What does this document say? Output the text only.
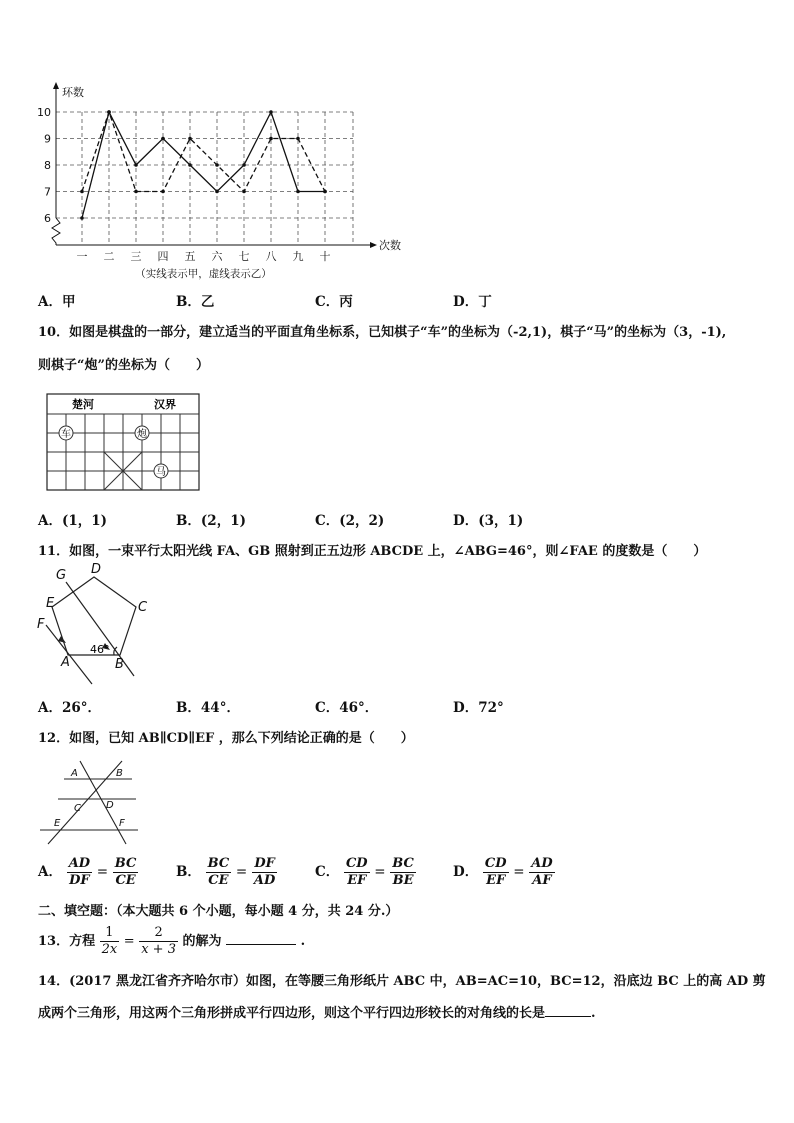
6
7
8
9
10
一 二 三 四 五 六 七 八 九 十
环数
次数
（实线表示甲，虚线表示乙）
A．甲	B．乙	C．丙	D．丁
10．如图是棋盘的一部分，建立适当的平面直角坐标系，已知棋子“车”的坐标为（-2,1)，棋子“马”的坐标为（3，-1),
则棋子“炮”的坐标为（　　）
楚河	汉界
车	炮
马
A．(1，1)	B．(2，1)	C．(2，2)	D．(3，1)
11．如图，一束平行太阳光线 FA、GB 照射到正五边形 ABCDE 上，∠ABG=46°，则∠FAE 的度数是（　　）
G D
E	C
F
A	B
46°
A．26°．	B．44°．	C．46°．	D．72°
12．如图，已知 AB∥CD∥EF ，那么下列结论正确的是（　　）
A	B
C	D
E	F
A． $\frac{AD}{DF} = \frac{BC}{CE}$	B． $\frac{BC}{CE} = \frac{DF}{AD}$	C． $\frac{CD}{EF} = \frac{BC}{BE}$	D． $\frac{CD}{EF} = \frac{AD}{AF}$
二、填空题：（本大题共 6 个小题，每小题 4 分，共 24 分.）
13．方程 $\frac{1}{2x} = \frac{2}{x + 3}$ 的解为	.
14．(2017 黑龙江省齐齐哈尔市）如图，在等腰三角形纸片 ABC 中，AB=AC=10，BC=12，沿底边 BC 上的高 AD 剪
成两个三角形，用这两个三角形拼成平行四边形，则这个平行四边形较长的对角线的长是	.
